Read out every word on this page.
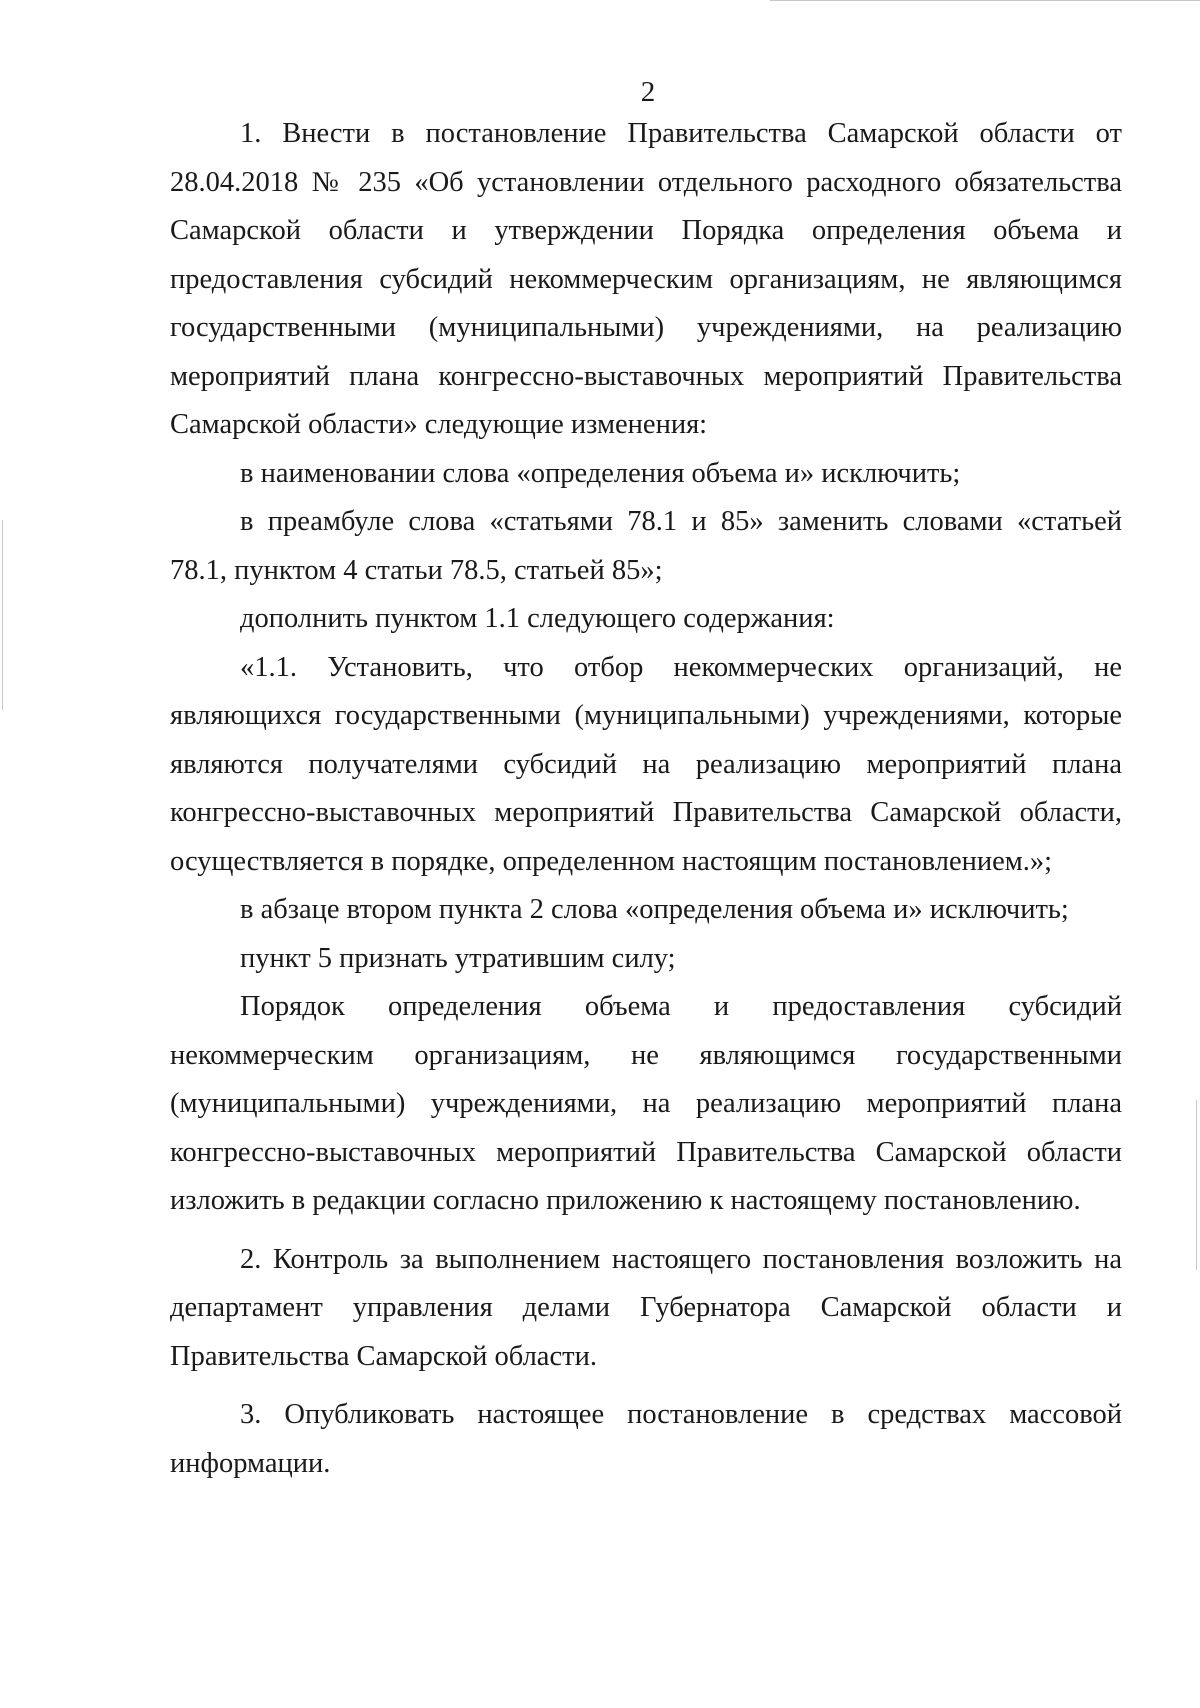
2

1. Внести в постановление Правительства Самарской области от 28.04.2018 № 235 «Об установлении отдельного расходного обязательства Самарской области и утверждении Порядка определения объема и предоставления субсидий некоммерческим организациям, не являющимся государственными (муниципальными) учреждениями, на реализацию мероприятий плана конгрессно-выставочных мероприятий Правительства Самарской области» следующие изменения:

в наименовании слова «определения объема и» исключить;

в преамбуле слова «статьями 78.1 и 85» заменить словами «статьей 78.1, пунктом 4 статьи 78.5, статьей 85»;

дополнить пунктом 1.1 следующего содержания:

«1.1. Установить, что отбор некоммерческих организаций, не являющихся государственными (муниципальными) учреждениями, которые являются получателями субсидий на реализацию мероприятий плана конгрессно-выставочных мероприятий Правительства Самарской области, осуществляется в порядке, определенном настоящим постановлением.»;

в абзаце втором пункта 2 слова «определения объема и» исключить;

пункт 5 признать утратившим силу;

Порядок определения объема и предоставления субсидий некоммерческим организациям, не являющимся государственными (муниципальными) учреждениями, на реализацию мероприятий плана конгрессно-выставочных мероприятий Правительства Самарской области изложить в редакции согласно приложению к настоящему постановлению.

2. Контроль за выполнением настоящего постановления возложить на департамент управления делами Губернатора Самарской области и Правительства Самарской области.

3. Опубликовать настоящее постановление в средствах массовой информации.
